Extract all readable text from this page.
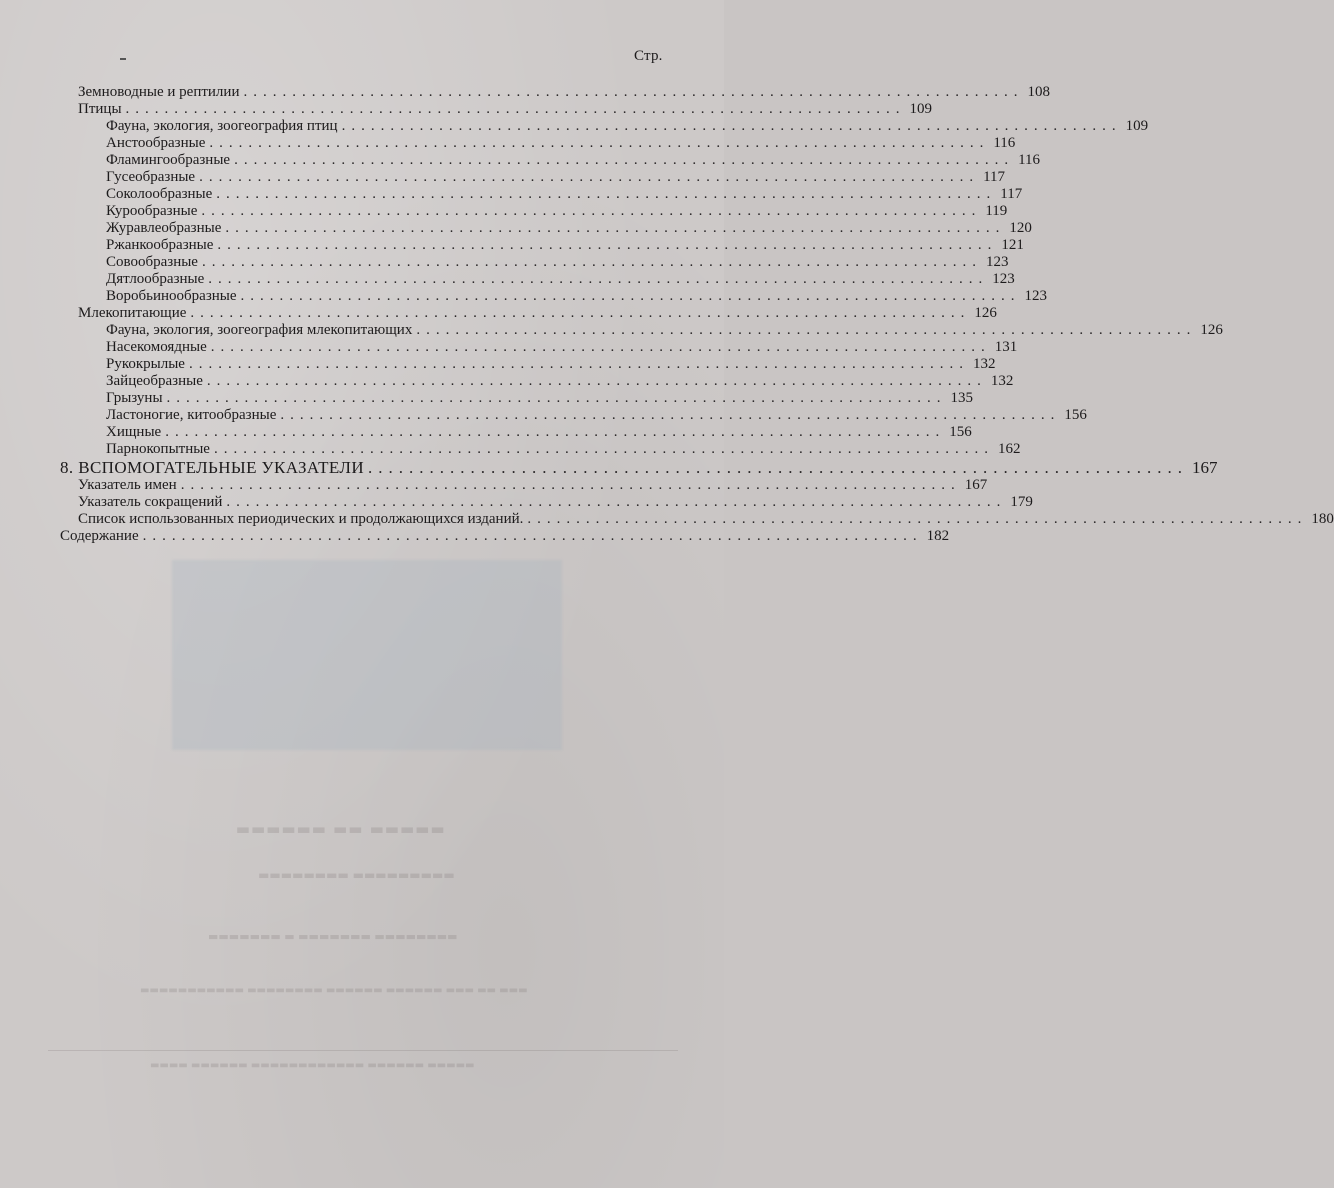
Стр.
Земноводные и рептилии ................................................................................ 108
Птицы ................................................................................ 109
Фауна, экология, зоогеография птиц ................................................................................ 109
Анстообразные ................................................................................ 116
Фламингообразные ................................................................................ 116
Гусеобразные ................................................................................ 117
Соколообразные ................................................................................ 117
Курообразные ................................................................................ 119
Журавлеобразные ................................................................................ 120
Ржанкообразные ................................................................................ 121
Совообразные ................................................................................ 123
Дятлообразные ................................................................................ 123
Воробьинообразные ................................................................................ 123
Млекопитающие ................................................................................ 126
Фауна, экология, зоогеография млекопитающих ................................................................................ 126
Насекомоядные ................................................................................ 131
Рукокрылые ................................................................................ 132
Зайцеобразные ................................................................................ 132
Грызуны ................................................................................ 135
Ластоногие, китообразные ................................................................................ 156
Хищные ................................................................................ 156
Парнокопытные ................................................................................ 162
8. ВСПОМОГАТЕЛЬНЫЕ УКАЗАТЕЛИ ................................................................................ 167
Указатель имен ................................................................................ 167
Указатель сокращений ................................................................................ 179
Список использованных периодических и продолжающихся изданий. ................................................................................ 180
Содержание ................................................................................ 182
▬▬▬▬▬ ▬▬ ▬▬▬▬▬▬
▬▬▬▬▬▬▬▬▬ ▬▬▬▬▬▬▬▬
▬▬▬▬▬▬▬▬ ▬▬▬▬▬▬▬ ▬ ▬▬▬▬▬▬▬
▬▬▬ ▬▬ ▬▬▬ ▬▬▬▬▬▬ ▬▬▬▬▬▬ ▬▬▬▬▬▬▬▬ ▬▬▬▬▬▬▬▬▬▬▬
▬▬▬▬▬ ▬▬▬▬▬▬ ▬▬▬▬▬▬▬▬▬▬▬▬ ▬▬▬▬▬▬ ▬▬▬▬
